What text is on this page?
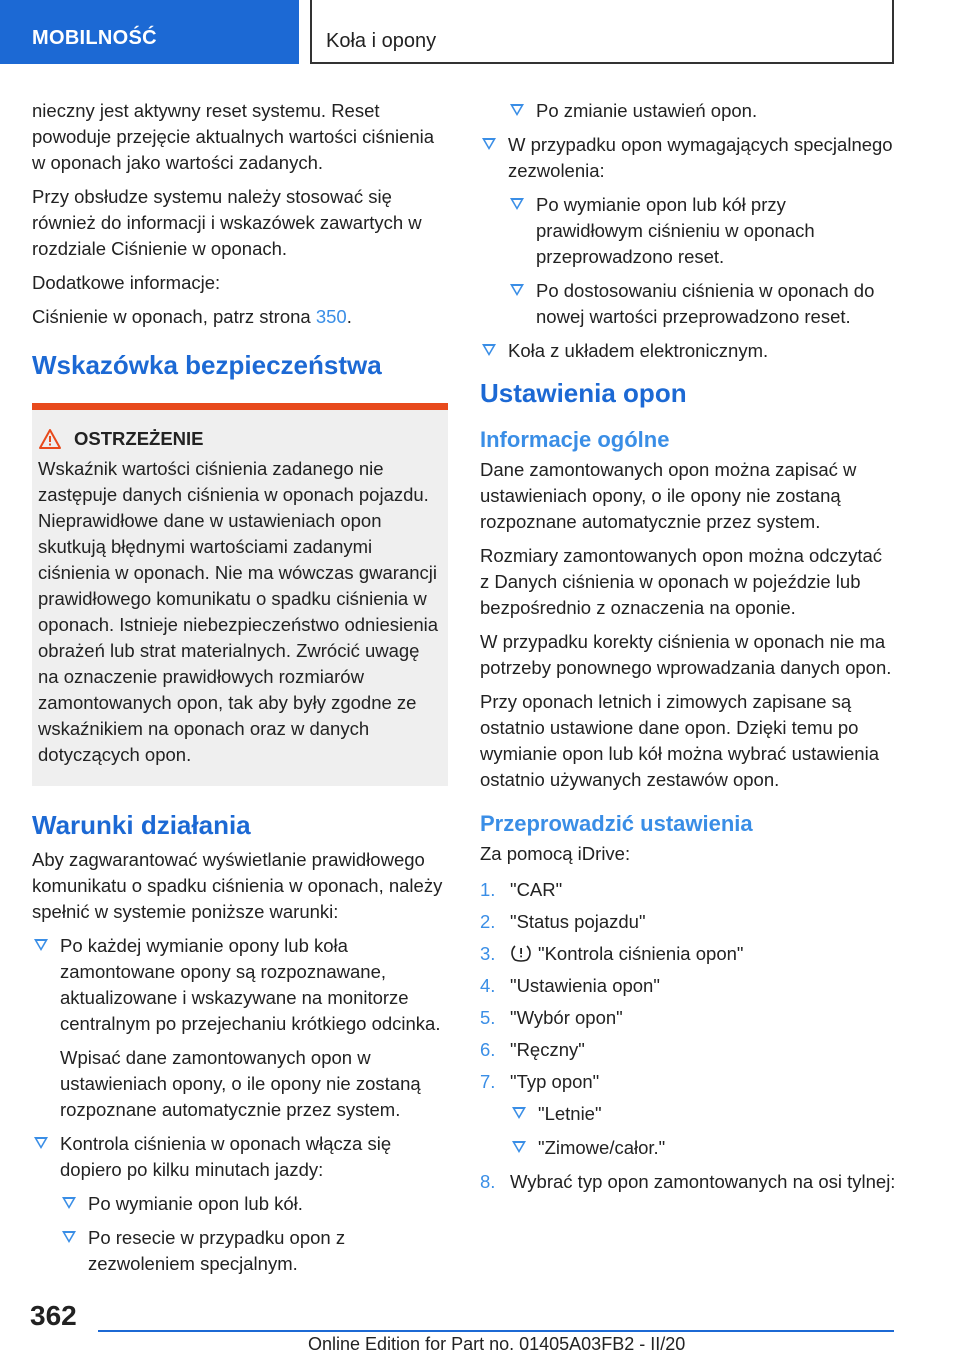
MOBILNOŚĆ	Koła i opony

nieczny jest aktywny reset systemu. Reset powoduje przejęcie aktualnych wartości ciśnienia w oponach jako wartości zadanych.

Przy obsłudze systemu należy stosować się również do informacji i wskazówek zawartych w rozdziale Ciśnienie w oponach.

Dodatkowe informacje:

Ciśnienie w oponach, patrz strona 350.

Wskazówka bezpieczeństwa
OSTRZEŻENIE
Wskaźnik wartości ciśnienia zadanego nie zastępuje danych ciśnienia w oponach pojazdu. Nieprawidłowe dane w ustawieniach opon skutkują błędnymi wartościami zadanymi ciśnienia w oponach. Nie ma wówczas gwarancji prawidłowego komunikatu o spadku ciśnienia w oponach. Istnieje niebezpieczeństwo odniesienia obrażeń lub strat materialnych. Zwrócić uwagę na oznaczenie prawidłowych rozmiarów zamontowanych opon, tak aby były zgodne ze wskaźnikiem na oponach oraz w danych dotyczących opon.
Warunki działania

Aby zagwarantować wyświetlanie prawidłowego komunikatu o spadku ciśnienia w oponach, należy spełnić w systemie poniższe warunki:

Po każdej wymianie opony lub koła zamontowane opony są rozpoznawane, aktualizowane i wskazywane na monitorze centralnym po przejechaniu krótkiego odcinka.
Wpisać dane zamontowanych opon w ustawieniach opony, o ile opony nie zostaną rozpoznane automatycznie przez system.
Kontrola ciśnienia w oponach włącza się dopiero po kilku minutach jazdy:
Po wymianie opon lub kół.
Po resecie w przypadku opon z zezwoleniem specjalnym.
Po zmianie ustawień opon.
W przypadku opon wymagających specjalnego zezwolenia:
Po wymianie opon lub kół przy prawidłowym ciśnieniu w oponach przeprowadzono reset.
Po dostosowaniu ciśnienia w oponach do nowej wartości przeprowadzono reset.
Koła z układem elektronicznym.
Ustawienia opon
Informacje ogólne

Dane zamontowanych opon można zapisać w ustawieniach opony, o ile opony nie zostaną rozpoznane automatycznie przez system.

Rozmiary zamontowanych opon można odczytać z Danych ciśnienia w oponach w pojeździe lub bezpośrednio z oznaczenia na oponie.

W przypadku korekty ciśnienia w oponach nie ma potrzeby ponownego wprowadzania danych opon.

Przy oponach letnich i zimowych zapisane są ostatnio ustawione dane opon. Dzięki temu po wymianie opon lub kół można wybrać ustawienia ostatnio używanych zestawów opon.

Przeprowadzić ustawienia

Za pomocą iDrive:

1. "CAR"
2. "Status pojazdu"
3. "Kontrola ciśnienia opon"
4. "Ustawienia opon"
5. "Wybór opon"
6. "Ręczny"
7. "Typ opon"
"Letnie"
"Zimowe/całor."
8. Wybrać typ opon zamontowanych na osi tylnej:
362
Online Edition for Part no. 01405A03FB2 - II/20
